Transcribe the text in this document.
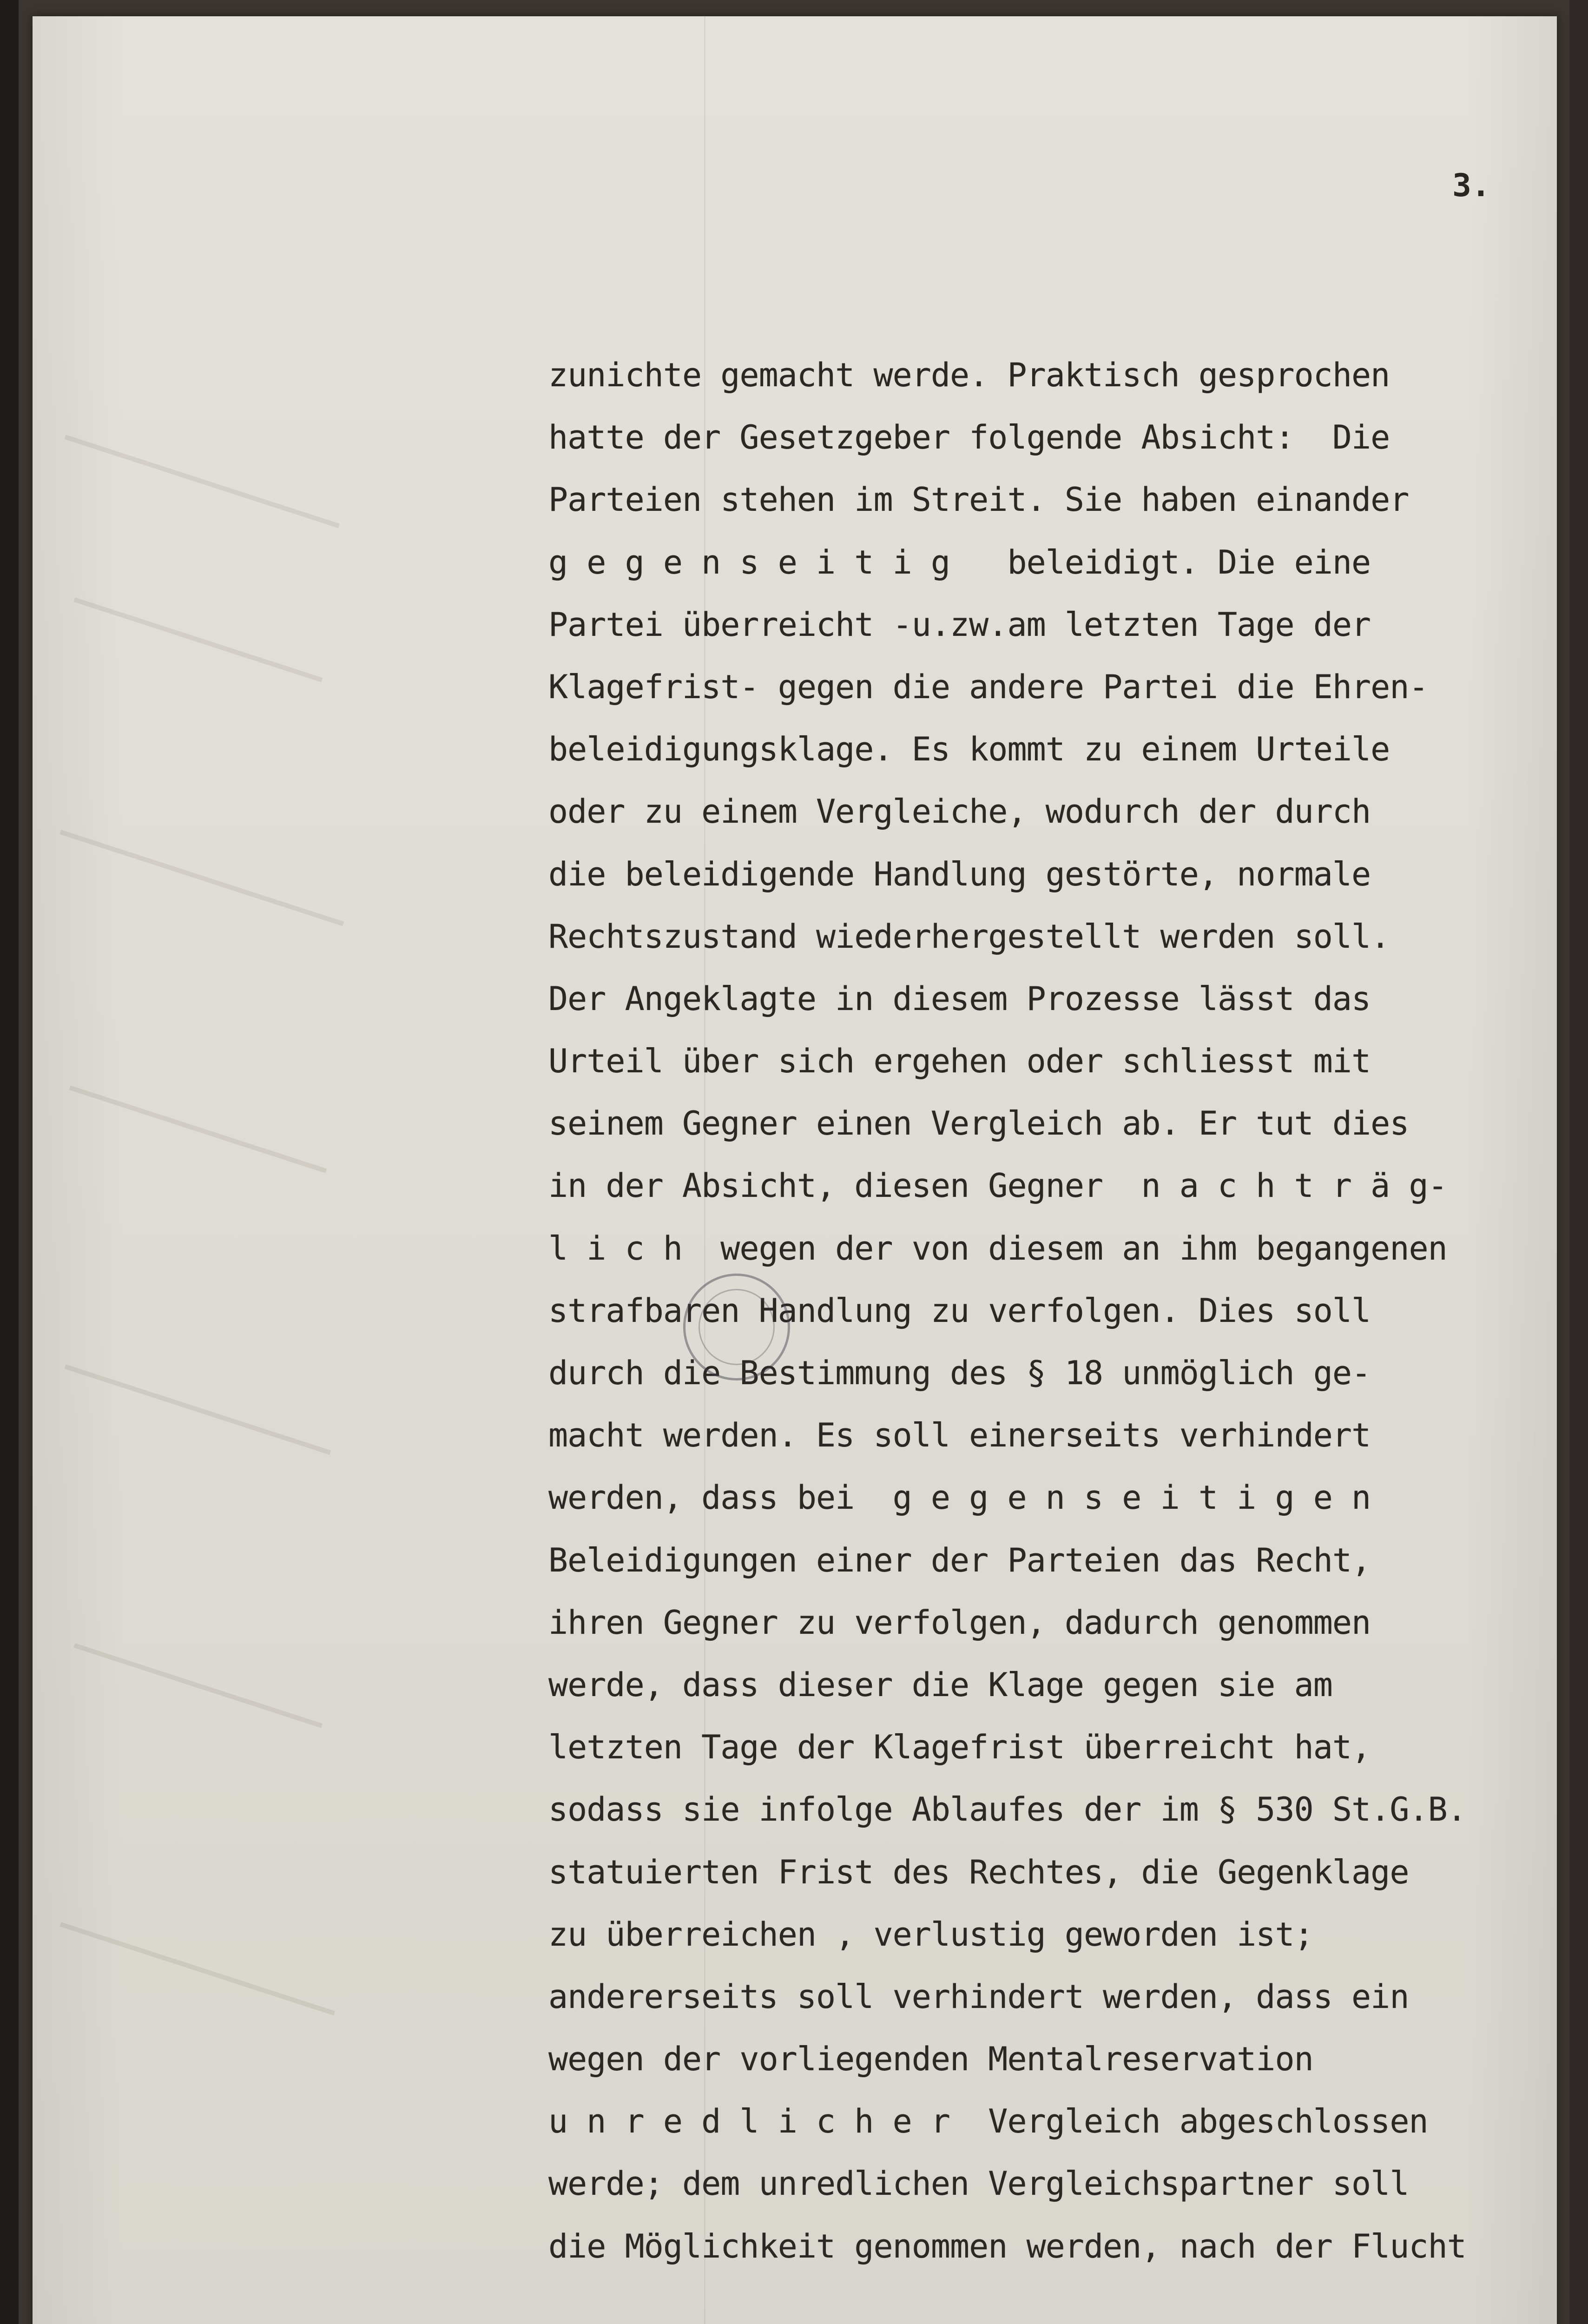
3.
zunichte gemacht werde. Praktisch gesprochen
hatte der Gesetzgeber folgende Absicht:  Die
Parteien stehen im Streit. Sie haben einander
g e g e n s e i t i g   beleidigt. Die eine
Partei überreicht -u.zw.am letzten Tage der
Klagefrist- gegen die andere Partei die Ehren-
beleidigungsklage. Es kommt zu einem Urteile
oder zu einem Vergleiche, wodurch der durch
die beleidigende Handlung gestörte, normale
Rechtszustand wiederhergestellt werden soll.
Der Angeklagte in diesem Prozesse lässt das
Urteil über sich ergehen oder schliesst mit
seinem Gegner einen Vergleich ab. Er tut dies
in der Absicht, diesen Gegner  n a c h t r ä g-
l i c h  wegen der von diesem an ihm begangenen
strafbaren Handlung zu verfolgen. Dies soll
durch die Bestimmung des § 18 unmöglich ge-
macht werden. Es soll einerseits verhindert
werden, dass bei  g e g e n s e i t i g e n
Beleidigungen einer der Parteien das Recht,
ihren Gegner zu verfolgen, dadurch genommen
werde, dass dieser die Klage gegen sie am
letzten Tage der Klagefrist überreicht hat,
sodass sie infolge Ablaufes der im § 530 St.G.B.
statuierten Frist des Rechtes, die Gegenklage
zu überreichen , verlustig geworden ist;
andererseits soll verhindert werden, dass ein
wegen der vorliegenden Mentalreservation
u n r e d l i c h e r  Vergleich abgeschlossen
werde; dem unredlichen Vergleichspartner soll
die Möglichkeit genommen werden, nach der Flucht
